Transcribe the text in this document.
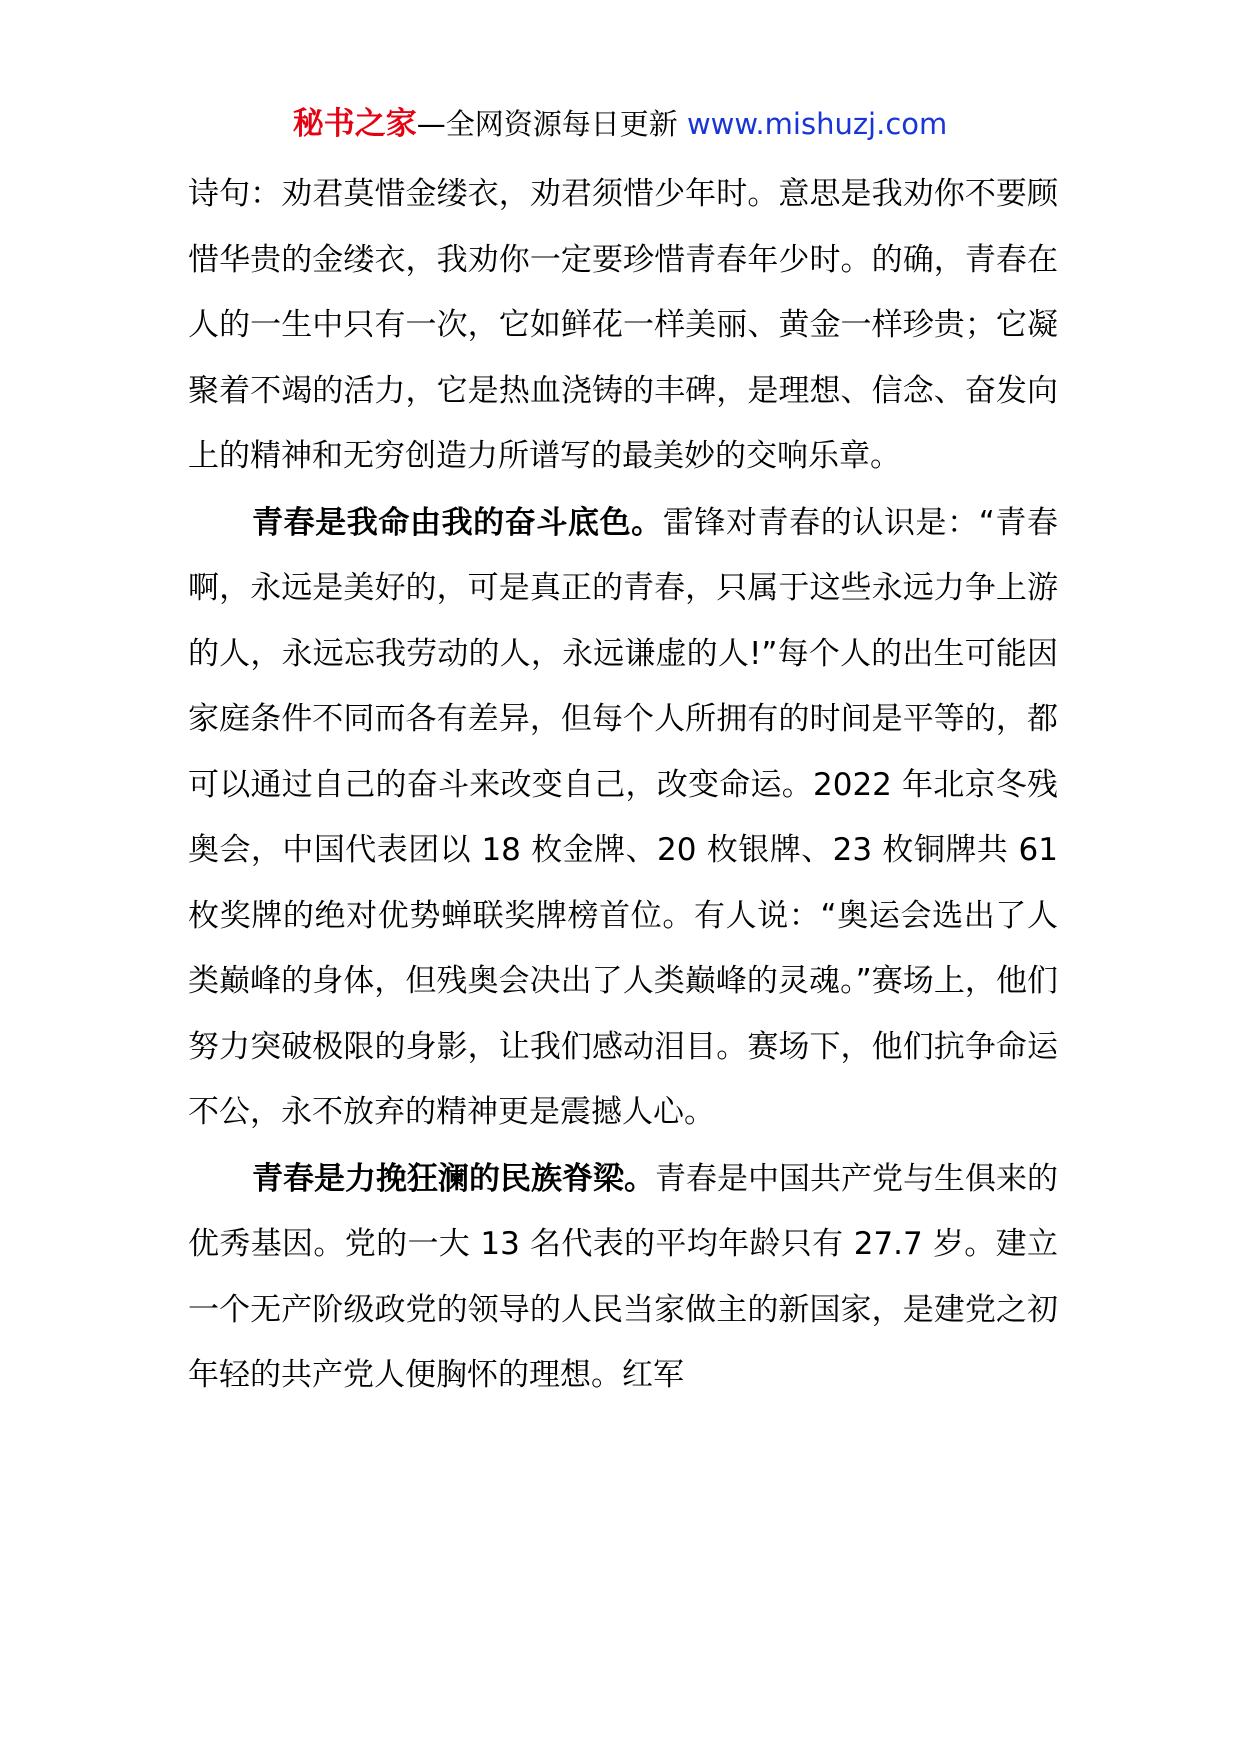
秘书之家—全网资源每日更新 www.mishuzj.com

诗句：劝君莫惜金缕衣，劝君须惜少年时。意思是我劝你不要顾惜华贵的金缕衣，我劝你一定要珍惜青春年少时。的确，青春在人的一生中只有一次，它如鲜花一样美丽、黄金一样珍贵；它凝聚着不竭的活力，它是热血浇铸的丰碑，是理想、信念、奋发向上的精神和无穷创造力所谱写的最美妙的交响乐章。

青春是我命由我的奋斗底色。雷锋对青春的认识是：“青春啊，永远是美好的，可是真正的青春，只属于这些永远力争上游的人，永远忘我劳动的人，永远谦虚的人!”每个人的出生可能因家庭条件不同而各有差异，但每个人所拥有的时间是平等的，都可以通过自己的奋斗来改变自己，改变命运。2022 年北京冬残奥会，中国代表团以 18 枚金牌、20 枚银牌、23 枚铜牌共 61 枚奖牌的绝对优势蝉联奖牌榜首位。有人说：“奥运会选出了人类巅峰的身体，但残奥会决出了人类巅峰的灵魂。”赛场上，他们努力突破极限的身影，让我们感动泪目。赛场下，他们抗争命运不公，永不放弃的精神更是震撼人心。

青春是力挽狂澜的民族脊梁。青春是中国共产党与生俱来的优秀基因。党的一大 13 名代表的平均年龄只有 27.7 岁。建立一个无产阶级政党的领导的人民当家做主的新国家，是建党之初年轻的共产党人便胸怀的理想。红军
